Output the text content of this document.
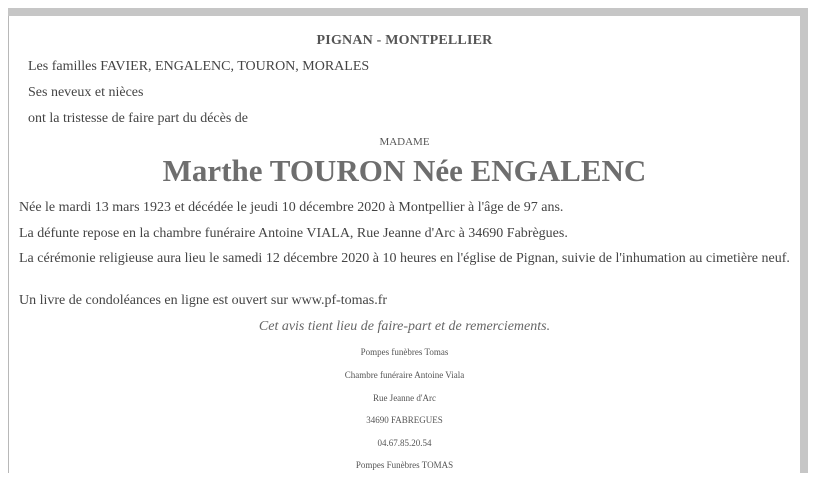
PIGNAN - MONTPELLIER
Les familles FAVIER, ENGALENC, TOURON, MORALES
Ses neveux et nièces
ont la tristesse de faire part du décès de
MADAME
Marthe TOURON Née ENGALENC
Née le mardi 13 mars 1923 et décédée le jeudi 10 décembre 2020 à Montpellier à l'âge de 97 ans.
La défunte repose en la chambre funéraire Antoine VIALA, Rue Jeanne d'Arc à 34690 Fabrègues.
La cérémonie religieuse aura lieu le samedi 12 décembre 2020 à 10 heures en l'église de Pignan, suivie de l'inhumation au cimetière neuf.
Un livre de condoléances en ligne est ouvert sur www.pf-tomas.fr
Cet avis tient lieu de faire-part et de remerciements.
Pompes funèbres Tomas
Chambre funéraire Antoine Viala
Rue Jeanne d'Arc
34690 FABREGUES
04.67.85.20.54
Pompes Funèbres TOMAS
